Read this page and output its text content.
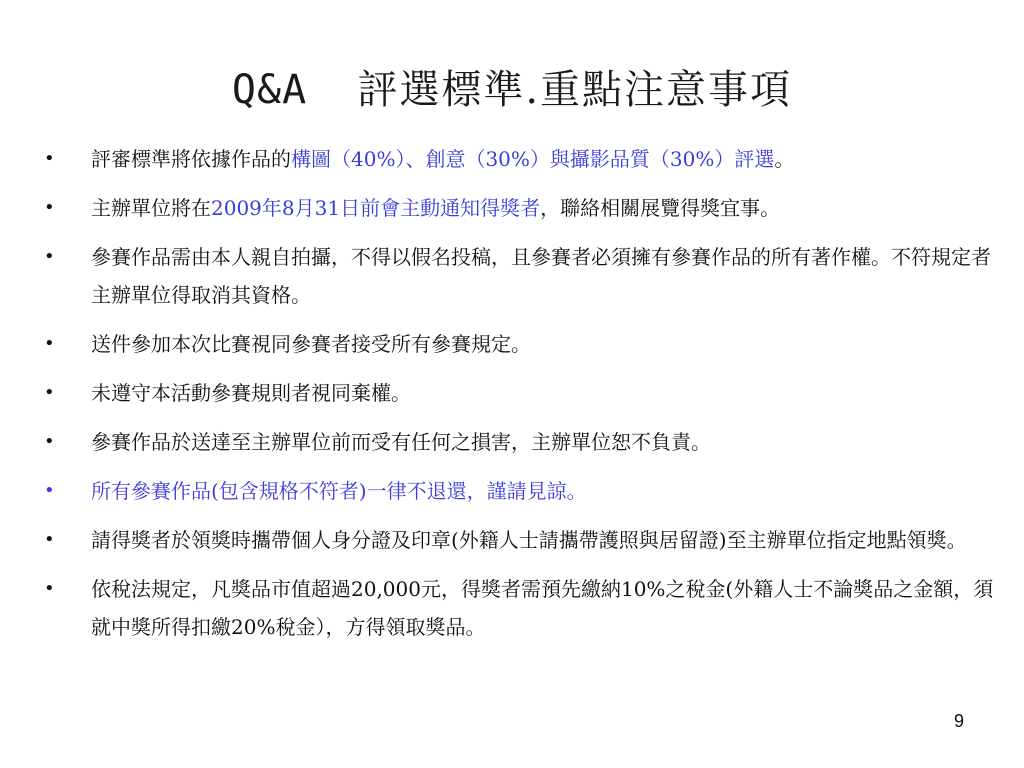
Q&A 評選標準.重點注意事項
• 評審標準將依據作品的構圖（40%）、創意（30%）與攝影品質（30%）評選。
• 主辦單位將在2009年8月31日前會主動通知得獎者，聯絡相關展覽得獎宜事。
• 參賽作品需由本人親自拍攝，不得以假名投稿，且參賽者必須擁有參賽作品的所有著作權。不符規定者主辦單位得取消其資格。
• 送件參加本次比賽視同參賽者接受所有參賽規定。
• 未遵守本活動參賽規則者視同棄權。
• 參賽作品於送達至主辦單位前而受有任何之損害，主辦單位恕不負責。
• 所有參賽作品(包含規格不符者)一律不退還，謹請見諒。
• 請得獎者於領獎時攜帶個人身分證及印章(外籍人士請攜帶護照與居留證)至主辦單位指定地點領獎。
• 依稅法規定，凡獎品市值超過20,000元，得獎者需預先繳納10%之稅金(外籍人士不論獎品之金額，須就中獎所得扣繳20%稅金），方得領取獎品。
9
